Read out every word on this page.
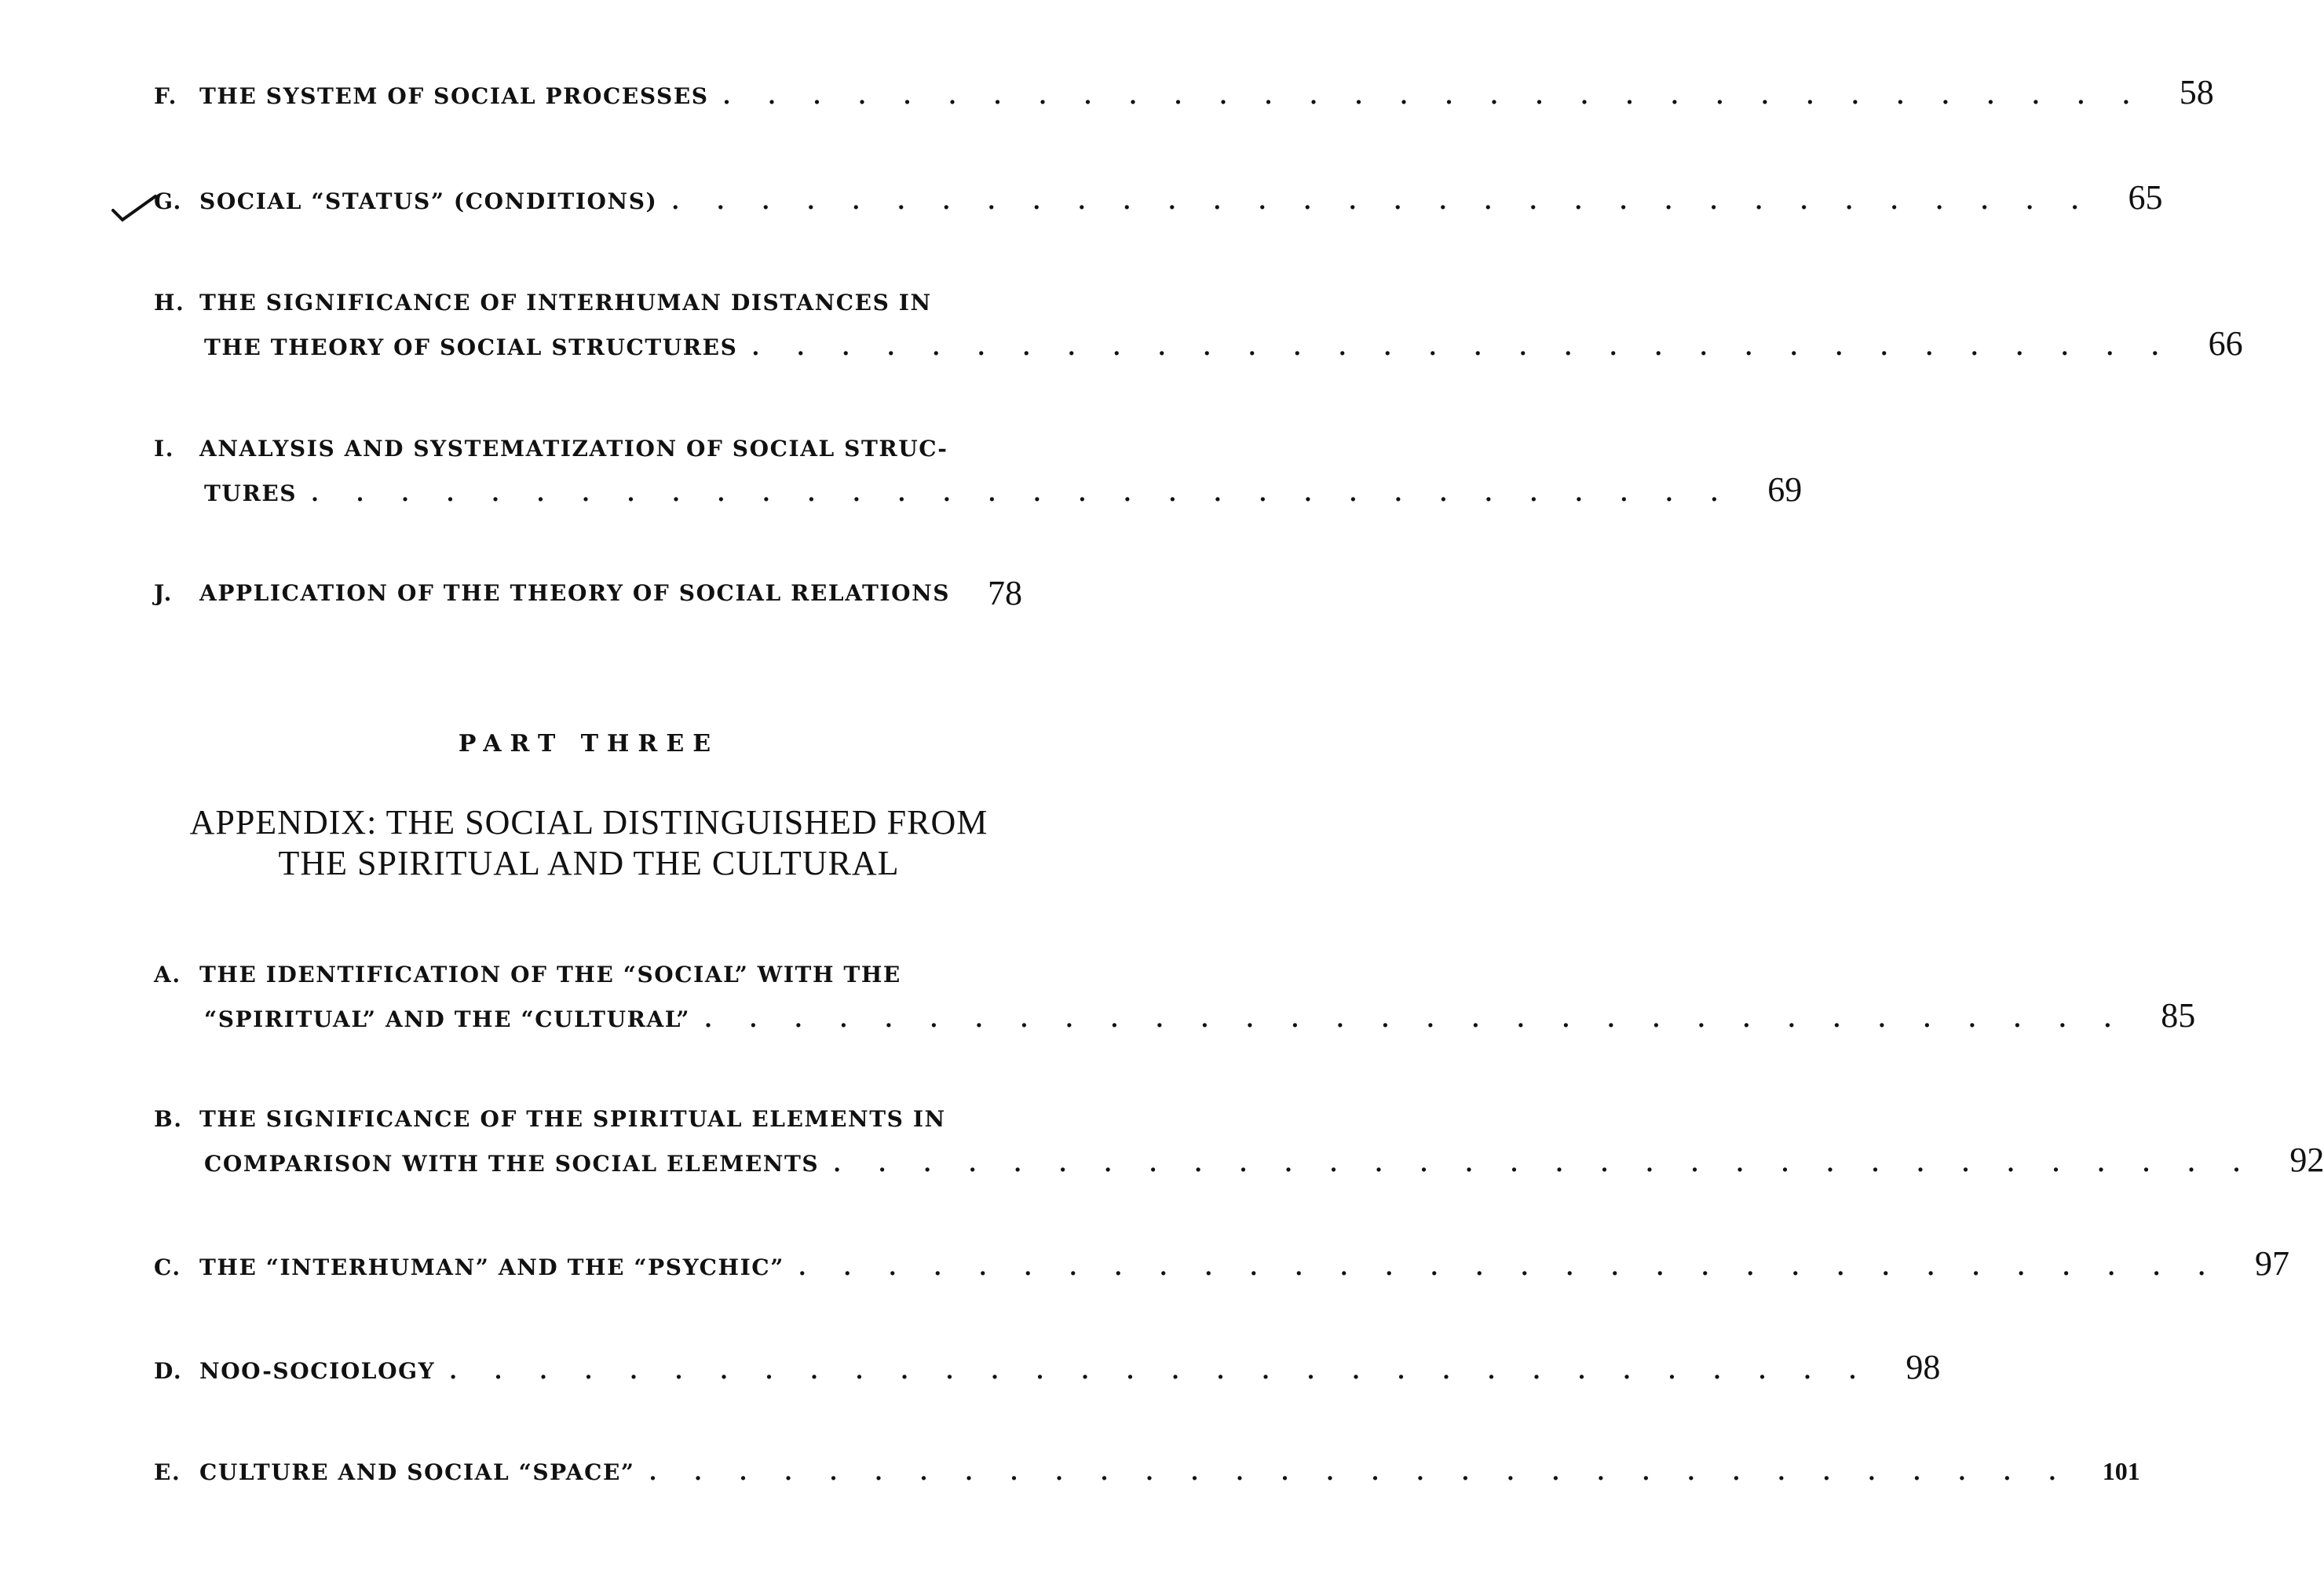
F. THE SYSTEM OF SOCIAL PROCESSES . . . . . . . . . . . . . . . . . . . . . . . . . . . . . . . .	58
G. SOCIAL “STATUS” (CONDITIONS) . . . . . . . . . . . . . . . . . . . . . . . . . . . . . . . .	65
H. THE SIGNIFICANCE OF INTERHUMAN DISTANCES IN
THE THEORY OF SOCIAL STRUCTURES . . . . . . . . . . . . . . . . . . . . . . . . . . . . . . . .	66
I. ANALYSIS AND SYSTEMATIZATION OF SOCIAL STRUC-
TURES . . . . . . . . . . . . . . . . . . . . . . . . . . . . . . . .	69
J. APPLICATION OF THE THEORY OF SOCIAL RELATIONS	78
PART THREE
APPENDIX: THE SOCIAL DISTINGUISHED FROM
THE SPIRITUAL AND THE CULTURAL
A. THE IDENTIFICATION OF THE “SOCIAL” WITH THE
“SPIRITUAL” AND THE “CULTURAL” . . . . . . . . . . . . . . . . . . . . . . . . . . . . . . . .	85
B. THE SIGNIFICANCE OF THE SPIRITUAL ELEMENTS IN
COMPARISON WITH THE SOCIAL ELEMENTS . . . . . . . . . . . . . . . . . . . . . . . . . . . . . . . .	92
C. THE “INTERHUMAN” AND THE “PSYCHIC” . . . . . . . . . . . . . . . . . . . . . . . . . . . . . . . .	97
D. NOO-SOCIOLOGY . . . . . . . . . . . . . . . . . . . . . . . . . . . . . . . .	98
E. CULTURE AND SOCIAL “SPACE” . . . . . . . . . . . . . . . . . . . . . . . . . . . . . . . .	101
